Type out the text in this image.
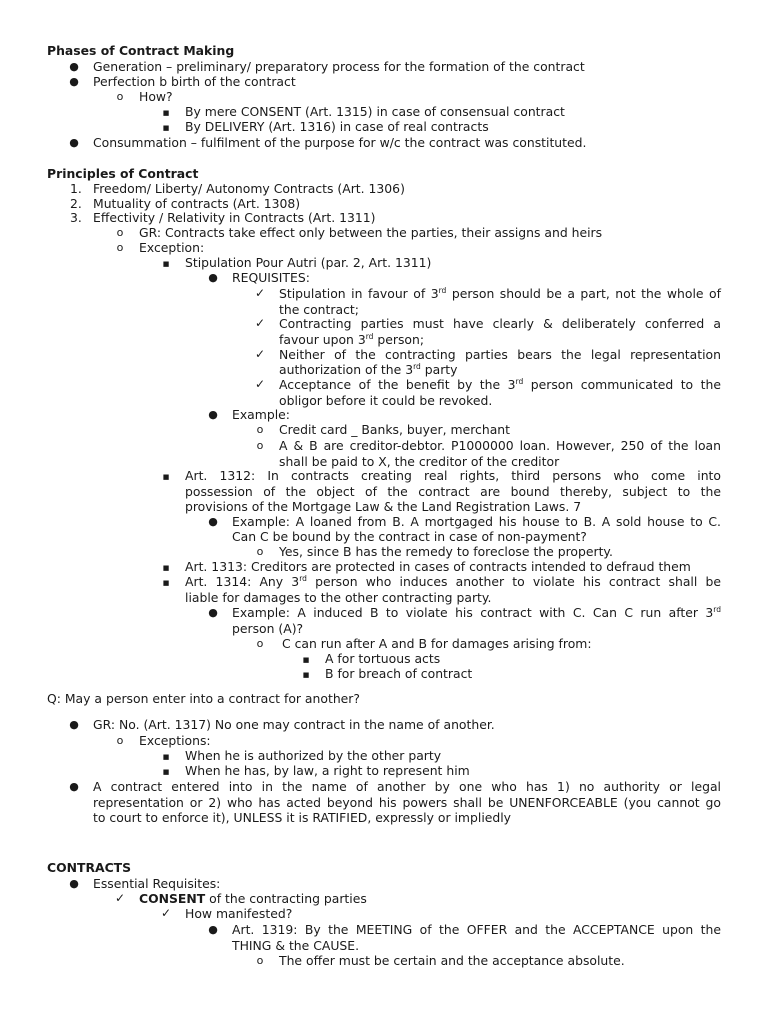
Phases of Contract Making
● Generation – preliminary/ preparatory process for the formation of the contract
● Perfection b birth of the contract
o How?
■ By mere CONSENT (Art. 1315) in case of consensual contract
■ By DELIVERY (Art. 1316) in case of real contracts
● Consummation – fulfilment of the purpose for w/c the contract was constituted.
Principles of Contract
1. Freedom/ Liberty/ Autonomy Contracts (Art. 1306)
2. Mutuality of contracts (Art. 1308)
3. Effectivity / Relativity in Contracts (Art. 1311)
o GR: Contracts take effect only between the parties, their assigns and heirs
o Exception:
■ Stipulation Pour Autri (par. 2, Art. 1311)
● REQUISITES:
✓ Stipulation in favour of 3rd person should be a part, not the whole of
the contract;
✓ Contracting parties must have clearly & deliberately conferred a
favour upon 3rd person;
✓ Neither of the contracting parties bears the legal representation
authorization of the 3rd party
✓ Acceptance of the benefit by the 3rd person communicated to the
obligor before it could be revoked.
● Example:
o Credit card _ Banks, buyer, merchant
o A & B are creditor-debtor. P1000000 loan. However, 250 of the loan
shall be paid to X, the creditor of the creditor
■ Art. 1312: In contracts creating real rights, third persons who come into
possession of the object of the contract are bound thereby, subject to the
provisions of the Mortgage Law & the Land Registration Laws. 7
● Example: A loaned from B. A mortgaged his house to B. A sold house to C.
Can C be bound by the contract in case of non-payment?
o Yes, since B has the remedy to foreclose the property.
■ Art. 1313: Creditors are protected in cases of contracts intended to defraud them
■ Art. 1314: Any 3rd person who induces another to violate his contract shall be
liable for damages to the other contracting party.
● Example: A induced B to violate his contract with C. Can C run after 3rd
person (A)?
o C can run after A and B for damages arising from:
■ A for tortuous acts
■ B for breach of contract
Q: May a person enter into a contract for another?
● GR: No. (Art. 1317) No one may contract in the name of another.
o Exceptions:
■ When he is authorized by the other party
■ When he has, by law, a right to represent him
● A contract entered into in the name of another by one who has 1) no authority or legal
representation or 2) who has acted beyond his powers shall be UNENFORCEABLE (you cannot go
to court to enforce it), UNLESS it is RATIFIED, expressly or impliedly
CONTRACTS
● Essential Requisites:
✓ CONSENT of the contracting parties
✓ How manifested?
● Art. 1319: By the MEETING of the OFFER and the ACCEPTANCE upon the
THING & the CAUSE.
o The offer must be certain and the acceptance absolute.
